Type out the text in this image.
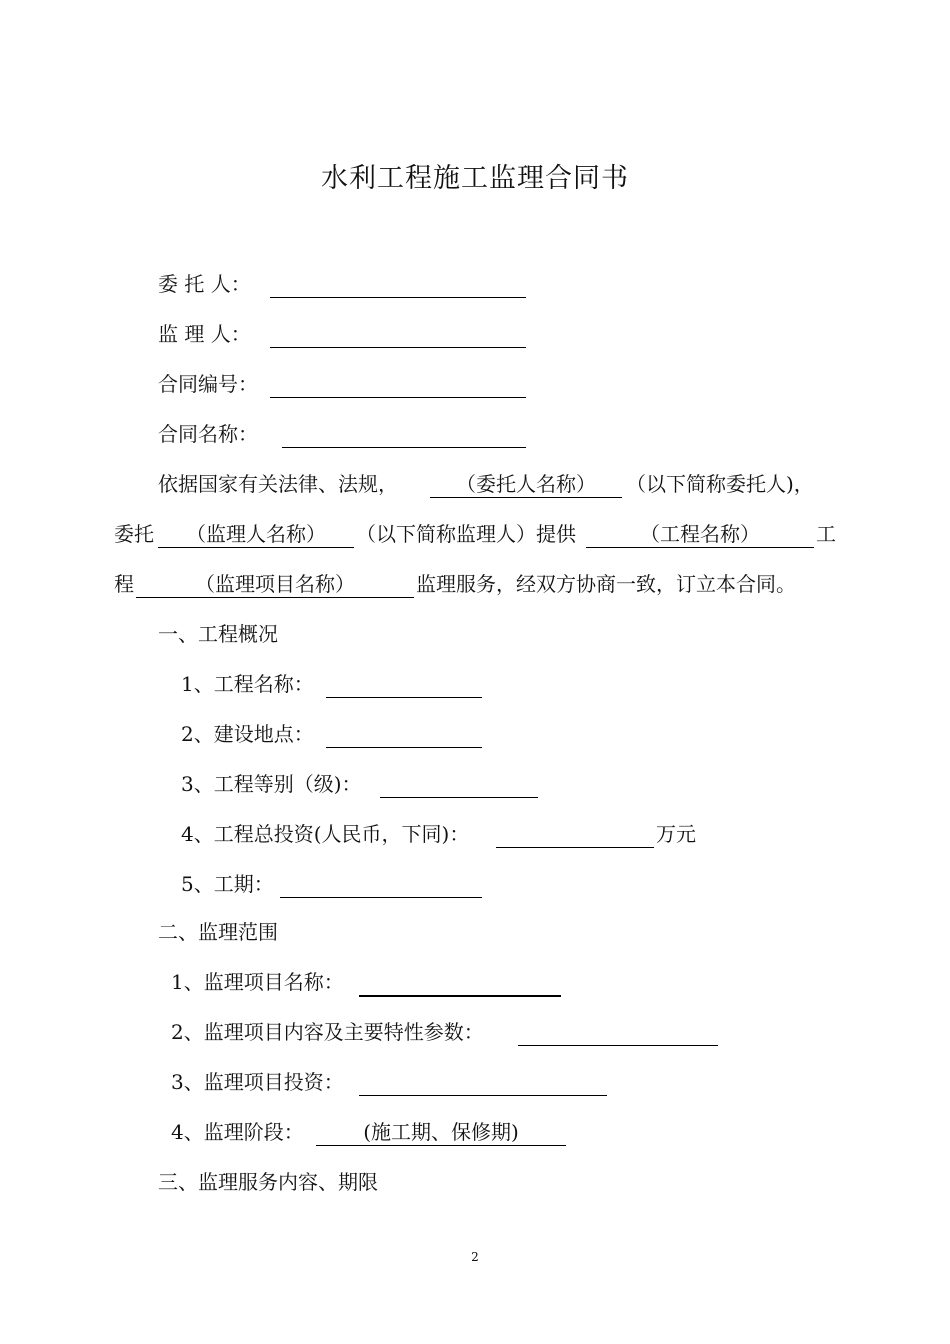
水利工程施工监理合同书
委 托 人：
监 理 人：
合同编号：
合同名称：
依据国家有关法律、法规，	（委托人名称）	（以下简称委托人)，
委托	（监理人名称）	（以下简称监理人）提供	（工程名称）	工
程	（监理项目名称）	监理服务，经双方协商一致，订立本合同。
一、工程概况
1、工程名称：
2、建设地点：
3、工程等别（级)：
4、工程总投资(人民币，下同)：	万元
5、工期：
二、监理范围
1、监理项目名称：
2、监理项目内容及主要特性参数：
3、监理项目投资：
4、监理阶段：	(施工期、保修期)
三、监理服务内容、期限
2
